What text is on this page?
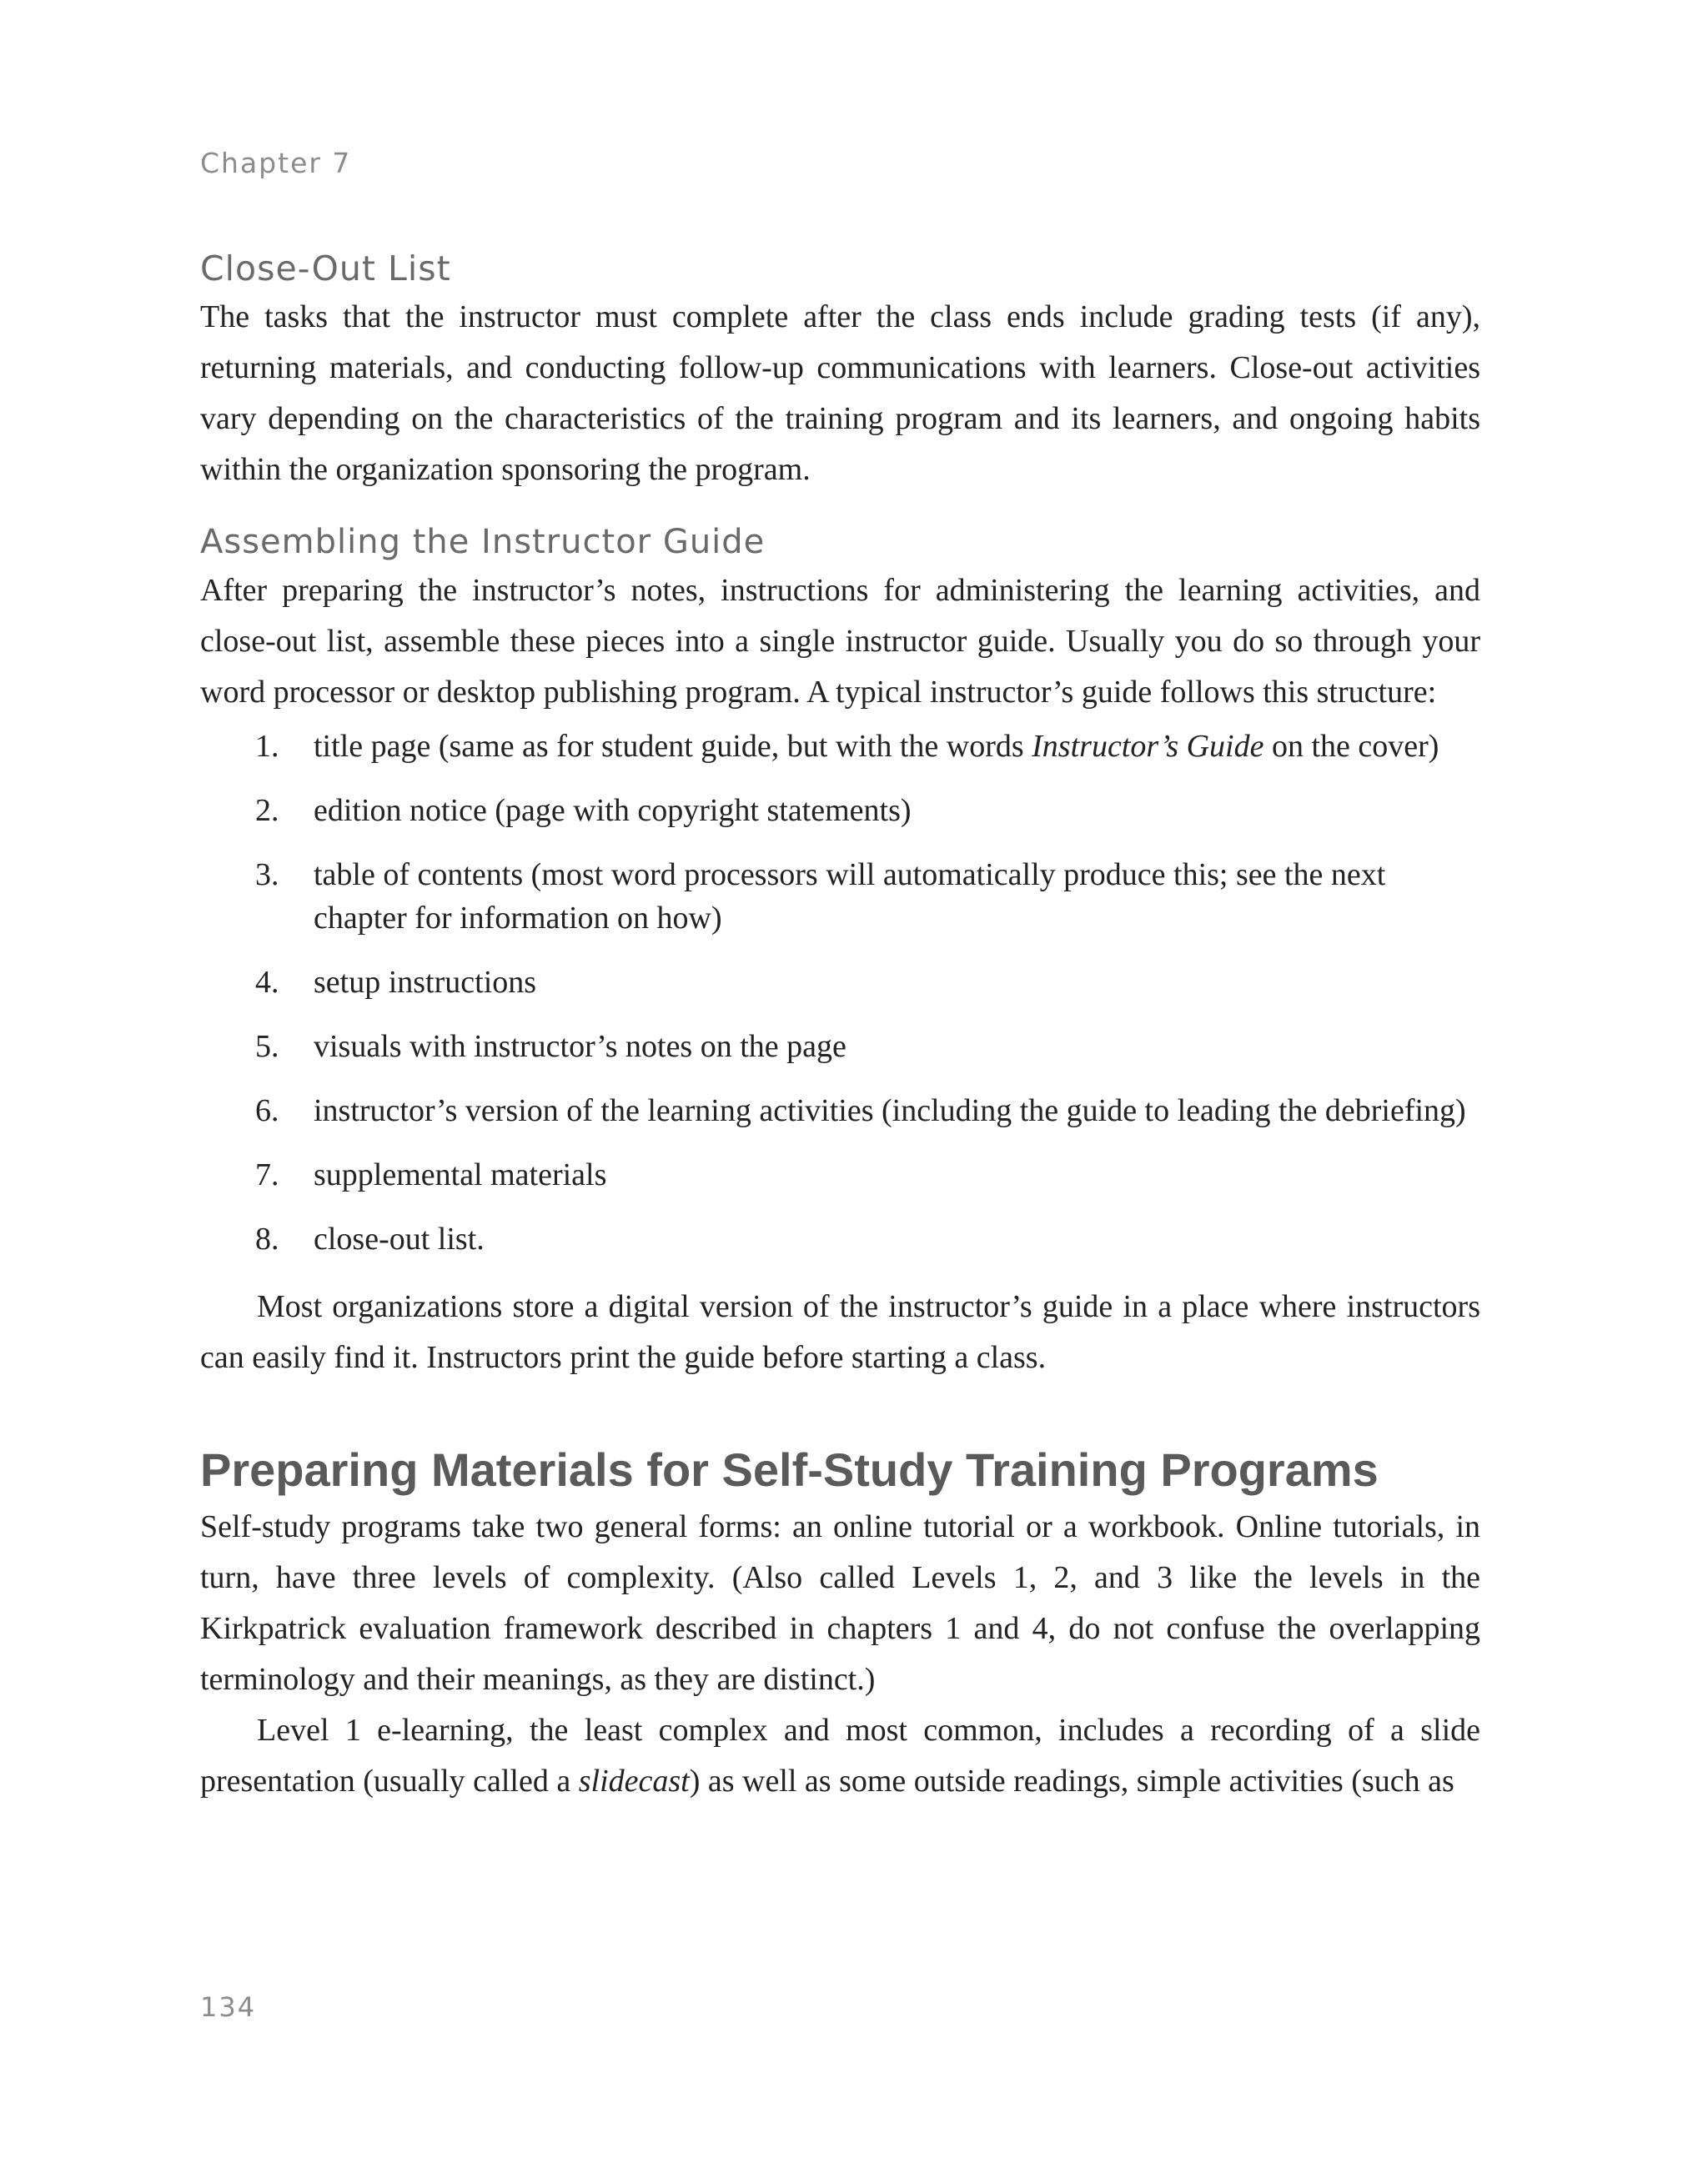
Chapter 7
Close-Out List

The tasks that the instructor must complete after the class ends include grading tests (if any), returning materials, and conducting follow-up communications with learners. Close-out activities vary depending on the characteristics of the training program and its learners, and ongoing habits within the organization sponsoring the program.

Assembling the Instructor Guide

After preparing the instructor’s notes, instructions for administering the learning activities, and close-out list, assemble these pieces into a single instructor guide. Usually you do so through your word processor or desktop publishing program. A typical instructor’s guide follows this structure:

1. title page (same as for student guide, but with the words Instructor’s Guide on the cover)
2. edition notice (page with copyright statements)
3. table of contents (most word processors will automatically produce this; see the next chapter for information on how)
4. setup instructions
5. visuals with instructor’s notes on the page
6. instructor’s version of the learning activities (including the guide to leading the debriefing)
7. supplemental materials
8. close-out list.

Most organizations store a digital version of the instructor’s guide in a place where instructors can easily find it. Instructors print the guide before starting a class.

Preparing Materials for Self-Study Training Programs

Self-study programs take two general forms: an online tutorial or a workbook. Online tutorials, in turn, have three levels of complexity. (Also called Levels 1, 2, and 3 like the levels in the Kirkpatrick evaluation framework described in chapters 1 and 4, do not confuse the overlapping terminology and their meanings, as they are distinct.)

Level 1 e-learning, the least complex and most common, includes a recording of a slide presentation (usually called a slidecast) as well as some outside readings, simple activities (such as

134
